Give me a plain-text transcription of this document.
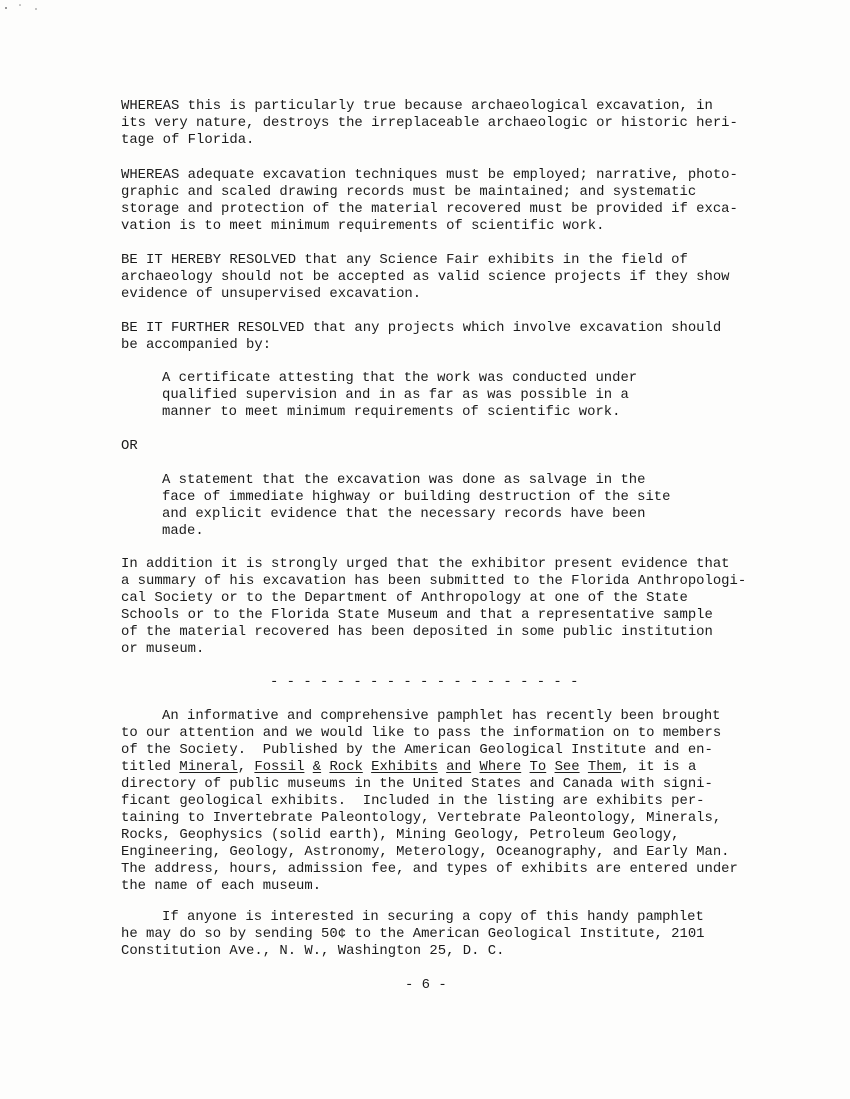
WHEREAS this is particularly true because archaeological excavation, in
its very nature, destroys the irreplaceable archaeologic or historic heri-
tage of Florida.
WHEREAS adequate excavation techniques must be employed; narrative, photo-
graphic and scaled drawing records must be maintained; and systematic
storage and protection of the material recovered must be provided if exca-
vation is to meet minimum requirements of scientific work.
BE IT HEREBY RESOLVED that any Science Fair exhibits in the field of
archaeology should not be accepted as valid science projects if they show
evidence of unsupervised excavation.
BE IT FURTHER RESOLVED that any projects which involve excavation should
be accompanied by:
A certificate attesting that the work was conducted under
qualified supervision and in as far as was possible in a
manner to meet minimum requirements of scientific work.
OR
A statement that the excavation was done as salvage in the
face of immediate highway or building destruction of the site
and explicit evidence that the necessary records have been
made.
In addition it is strongly urged that the exhibitor present evidence that
a summary of his excavation has been submitted to the Florida Anthropologi-
cal Society or to the Department of Anthropology at one of the State
Schools or to the Florida State Museum and that a representative sample
of the material recovered has been deposited in some public institution
or museum.
- - - - - - - - - - - - - - - - - - -
An informative and comprehensive pamphlet has recently been brought
to our attention and we would like to pass the information on to members
of the Society.  Published by the American Geological Institute and en-
titled Mineral, Fossil & Rock Exhibits and Where To See Them, it is a
directory of public museums in the United States and Canada with signi-
ficant geological exhibits.  Included in the listing are exhibits per-
taining to Invertebrate Paleontology, Vertebrate Paleontology, Minerals,
Rocks, Geophysics (solid earth), Mining Geology, Petroleum Geology,
Engineering, Geology, Astronomy, Meterology, Oceanography, and Early Man.
The address, hours, admission fee, and types of exhibits are entered under
the name of each museum.
If anyone is interested in securing a copy of this handy pamphlet
he may do so by sending 50¢ to the American Geological Institute, 2101
Constitution Ave., N. W., Washington 25, D. C.
- 6 -
